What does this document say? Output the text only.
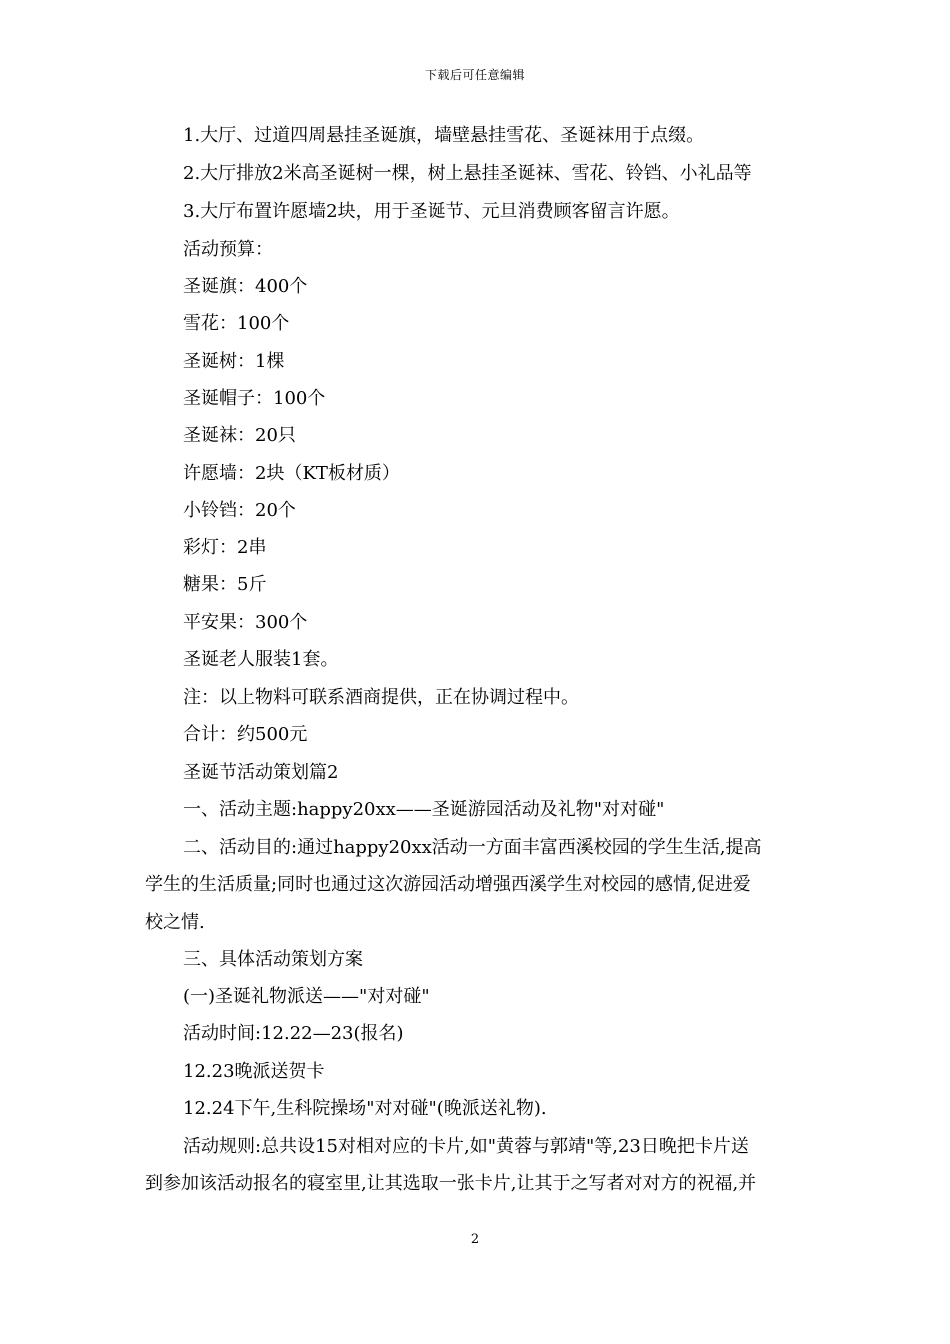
下载后可任意编辑
1.大厅、过道四周悬挂圣诞旗，墙壁悬挂雪花、圣诞袜用于点缀。
2.大厅排放2米高圣诞树一棵，树上悬挂圣诞袜、雪花、铃铛、小礼品等
3.大厅布置许愿墙2块，用于圣诞节、元旦消费顾客留言许愿。
活动预算：
圣诞旗：400个
雪花：100个
圣诞树：1棵
圣诞帽子：100个
圣诞袜：20只
许愿墙：2块（KT板材质）
小铃铛：20个
彩灯：2串
糖果：5斤
平安果：300个
圣诞老人服装1套。
注：以上物料可联系酒商提供，正在协调过程中。
合计：约500元
圣诞节活动策划篇2
一、活动主题:happy20xx——圣诞游园活动及礼物"对对碰"
二、活动目的:通过happy20xx活动一方面丰富西溪校园的学生生活,提高
学生的生活质量;同时也通过这次游园活动增强西溪学生对校园的感情,促进爱
校之情.
三、具体活动策划方案
(一)圣诞礼物派送——"对对碰"
活动时间:12.22—23(报名)
12.23晚派送贺卡
12.24下午,生科院操场"对对碰"(晚派送礼物).
活动规则:总共设15对相对应的卡片,如"黄蓉与郭靖"等,23日晚把卡片送
到参加该活动报名的寝室里,让其选取一张卡片,让其于之写者对对方的祝福,并
2
